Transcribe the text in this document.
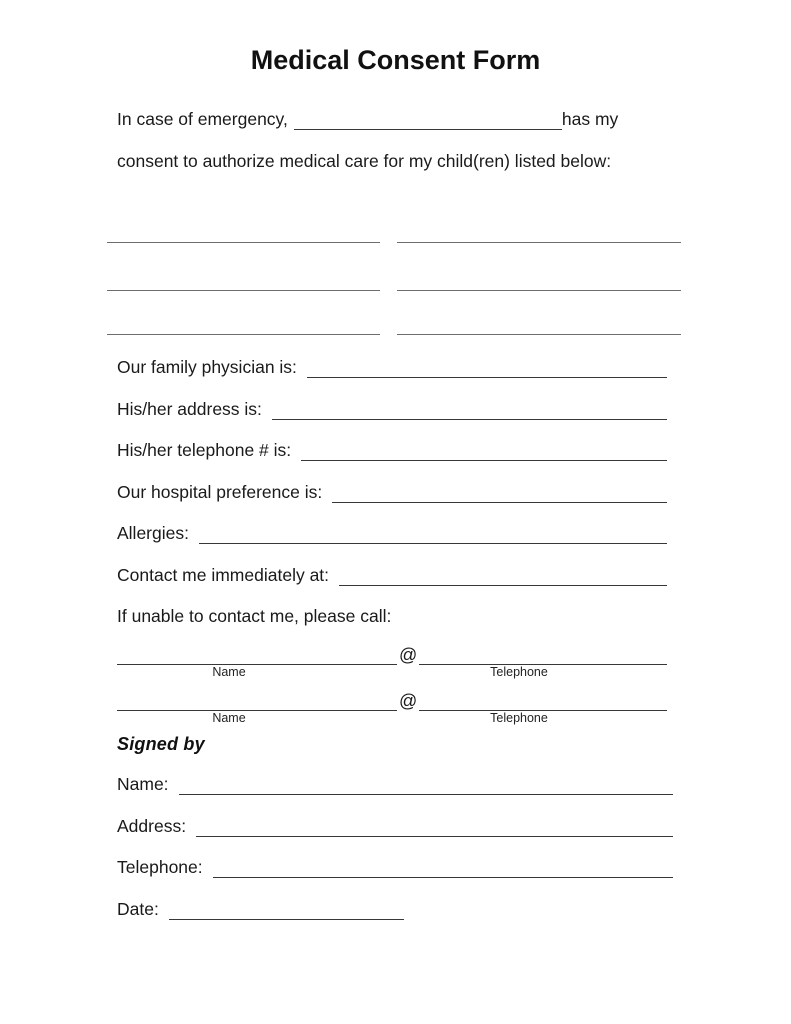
Medical Consent Form
In case of emergency,	has my

consent to authorize medical care for my child(ren) listed below:

Our family physician is:
His/her address is:
His/her telephone # is:
Our hospital preference is:
Allergies:
Contact me immediately at:

If unable to contact me, please call:

@
Name	Telephone
@
Name	Telephone

Signed by

Name:
Address:
Telephone:
Date:
